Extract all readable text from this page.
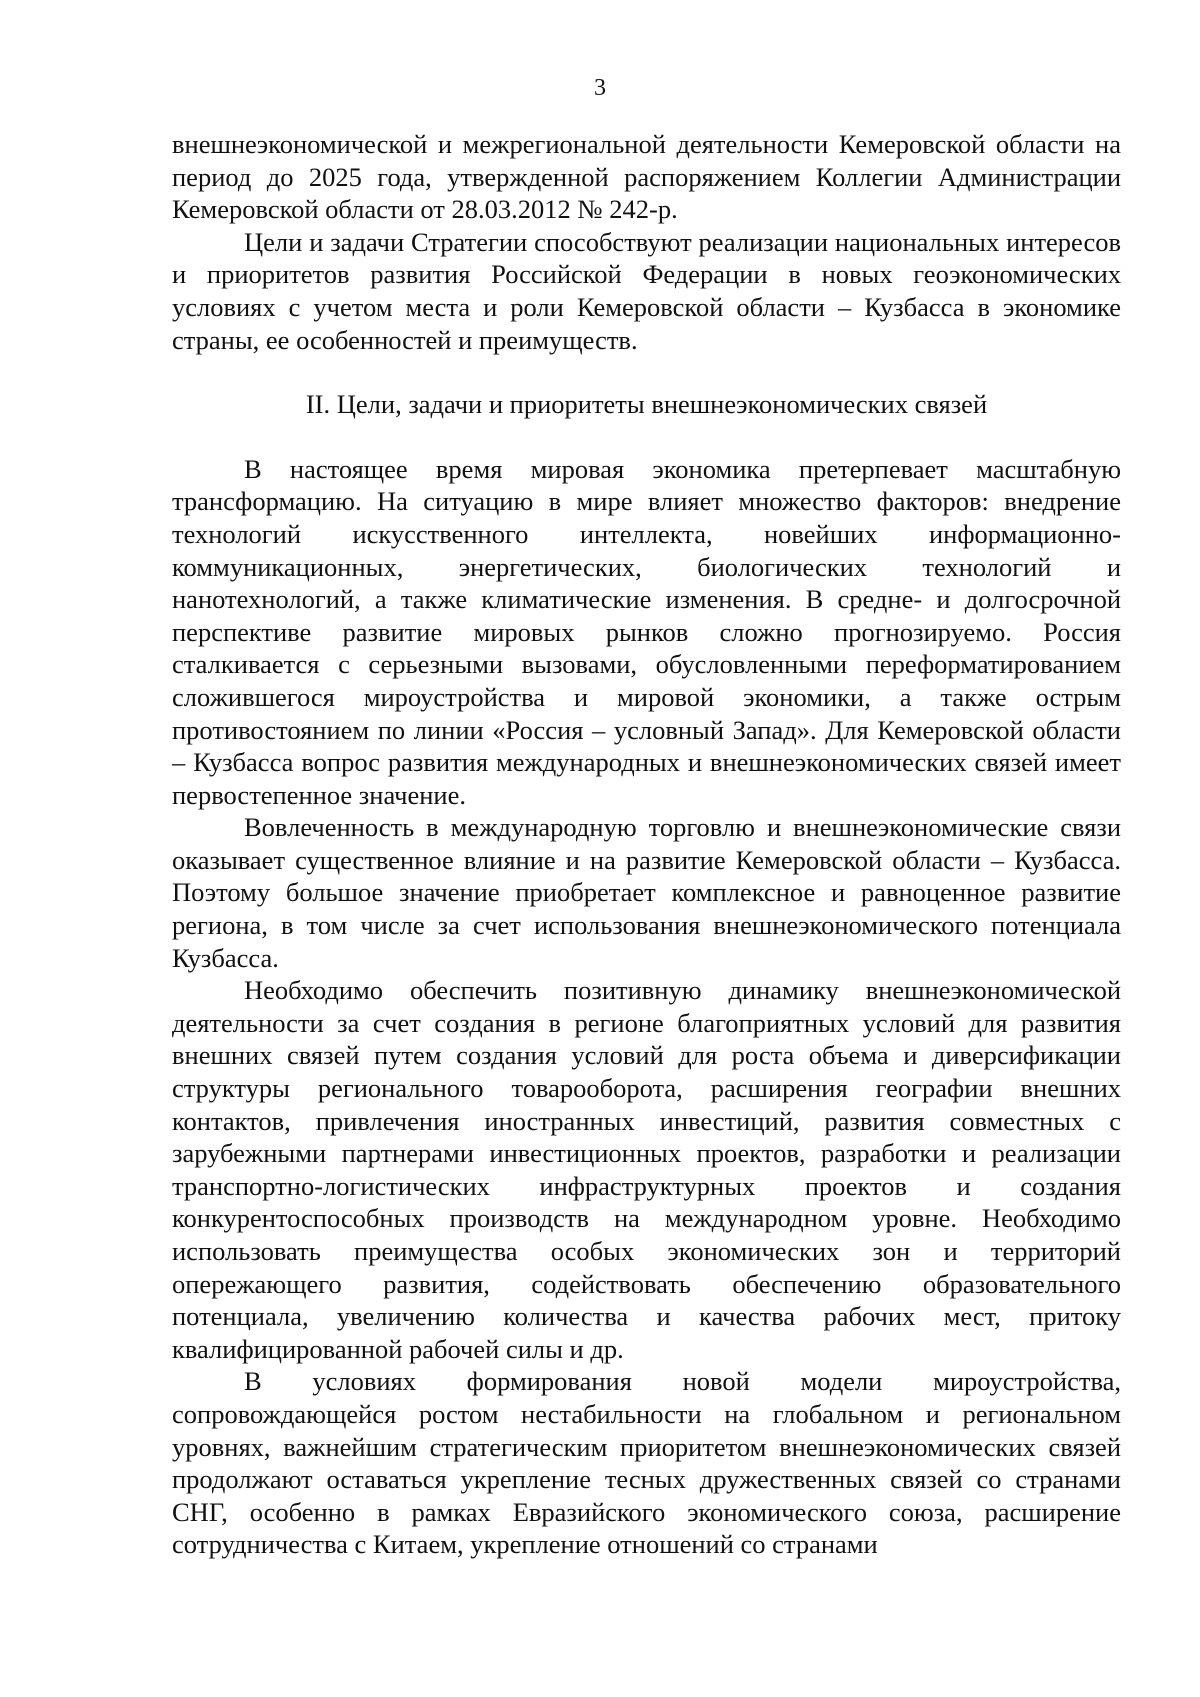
3

внешнеэкономической и межрегиональной деятельности Кемеровской области на период до 2025 года, утвержденной распоряжением Коллегии Администрации Кемеровской области от 28.03.2012 № 242-р.

Цели и задачи Стратегии способствуют реализации национальных интересов и приоритетов развития Российской Федерации в новых геоэкономических условиях с учетом места и роли Кемеровской области – Кузбасса в экономике страны, ее особенностей и преимуществ.

II. Цели, задачи и приоритеты внешнеэкономических связей

В настоящее время мировая экономика претерпевает масштабную трансформацию. На ситуацию в мире влияет множество факторов: внедрение технологий искусственного интеллекта, новейших информационно-коммуникационных, энергетических, биологических технологий и нанотехнологий, а также климатические изменения. В средне- и долгосрочной перспективе развитие мировых рынков сложно прогнозируемо. Россия сталкивается с серьезными вызовами, обусловленными переформатированием сложившегося мироустройства и мировой экономики, а также острым противостоянием по линии «Россия – условный Запад». Для Кемеровской области – Кузбасса вопрос развития международных и внешнеэкономических связей имеет первостепенное значение.

Вовлеченность в международную торговлю и внешнеэкономические связи оказывает существенное влияние и на развитие Кемеровской области – Кузбасса. Поэтому большое значение приобретает комплексное и равноценное развитие региона, в том числе за счет использования внешнеэкономического потенциала Кузбасса.

Необходимо обеспечить позитивную динамику внешнеэкономической деятельности за счет создания в регионе благоприятных условий для развития внешних связей путем создания условий для роста объема и диверсификации структуры регионального товарооборота, расширения географии внешних контактов, привлечения иностранных инвестиций, развития совместных с зарубежными партнерами инвестиционных проектов, разработки и реализации транспортно-логистических инфраструктурных проектов и создания конкурентоспособных производств на международном уровне. Необходимо использовать преимущества особых экономических зон и территорий опережающего развития, содействовать обеспечению образовательного потенциала, увеличению количества и качества рабочих мест, притоку квалифицированной рабочей силы и др.

В условиях формирования новой модели мироустройства, сопровождающейся ростом нестабильности на глобальном и региональном уровнях, важнейшим стратегическим приоритетом внешнеэкономических связей продолжают оставаться укрепление тесных дружественных связей со странами СНГ, особенно в рамках Евразийского экономического союза, расширение сотрудничества с Китаем, укрепление отношений со странами
